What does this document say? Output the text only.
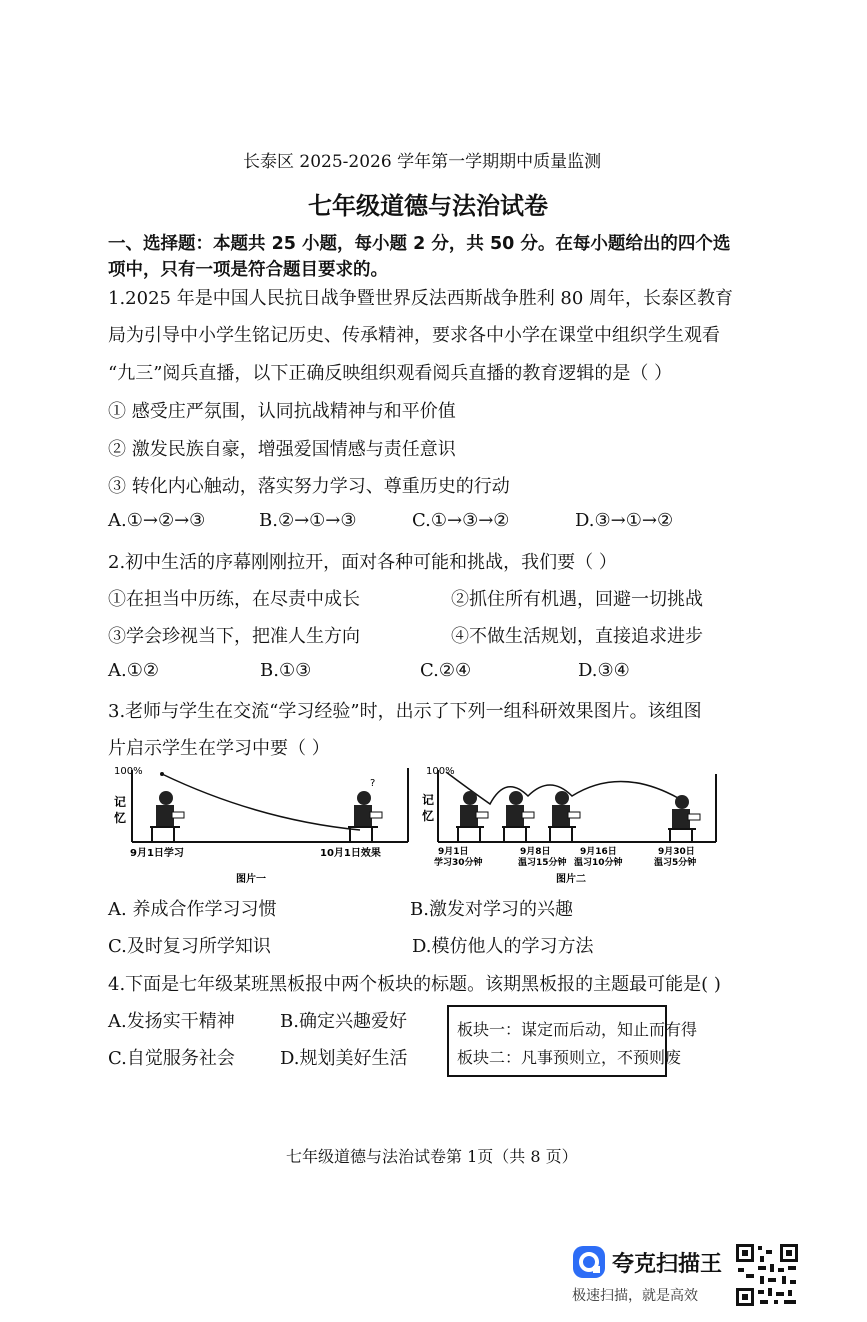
长泰区 2025-2026 学年第一学期期中质量监测
七年级道德与法治试卷
一、选择题：本题共 25 小题，每小题 2 分，共 50 分。在每小题给出的四个选
项中，只有一项是符合题目要求的。
1.2025 年是中国人民抗日战争暨世界反法西斯战争胜利 80 周年，长泰区教育
局为引导中小学生铭记历史、传承精神，要求各中小学在课堂中组织学生观看
“九三”阅兵直播，以下正确反映组织观看阅兵直播的教育逻辑的是（ ）
① 感受庄严氛围，认同抗战精神与和平价值
② 激发民族自豪，增强爱国情感与责任意识
③ 转化内心触动，落实努力学习、尊重历史的行动
A.①→②→③	B.②→①→③	C.①→③→②	D.③→①→②
2.初中生活的序幕刚刚拉开，面对各种可能和挑战，我们要（ ）
①在担当中历练，在尽责中成长	②抓住所有机遇，回避一切挑战
③学会珍视当下，把准人生方向	④不做生活规划，直接追求进步
A.①②	B.①③	C.②④	D.③④
3.老师与学生在交流“学习经验”时，出示了下列一组科研效果图片。该组图
片启示学生在学习中要（ ）
100%
记
忆
?
9月1日学习	10月1日效果
图片一
100%
记
忆
9月1日
学习30分钟
9月8日
温习15分钟
9月16日
温习10分钟
9月30日
温习5分钟
图片二
A. 养成合作学习习惯	B.激发对学习的兴趣
C.及时复习所学知识	D.模仿他人的学习方法
4.下面是七年级某班黑板报中两个板块的标题。该期黑板报的主题最可能是( )
A.发扬实干精神	B.确定兴趣爱好
C.自觉服务社会	D.规划美好生活
板块一：谋定而后动，知止而有得
板块二：凡事预则立，不预则废
七年级道德与法治试卷第 1页（共 8 页）
夸克扫描王
极速扫描，就是高效
